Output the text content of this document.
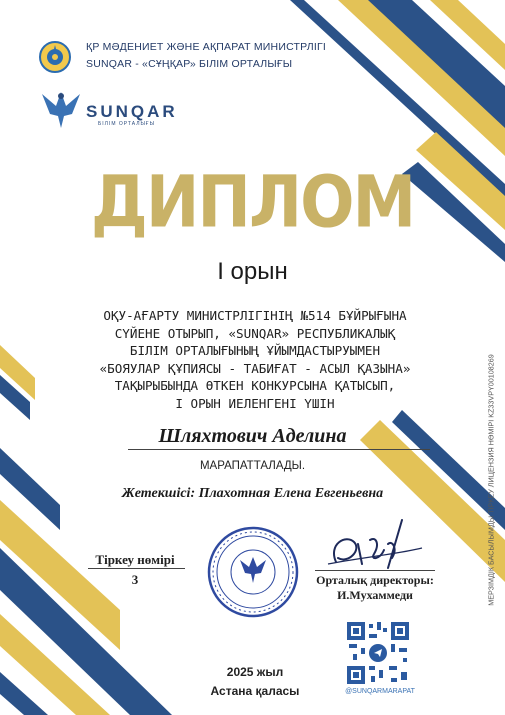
ҚР МӘДЕНИЕТ ЖӘНЕ АҚПАРАТ МИНИСТРЛІГІ
SUNQAR - «СҰҢҚАР» БІЛІМ ОРТАЛЫҒЫ
SUNQAR
БІЛІМ ОРТАЛЫҒЫ
ДИПЛОМ
I орын
ОҚУ-АҒАРТУ МИНИСТРЛІГІНІҢ №514 БҰЙРЫҒЫНА
СҮЙЕНЕ ОТЫРЫП, «SUNQAR» РЕСПУБЛИКАЛЫҚ
БІЛІМ ОРТАЛЫҒЫНЫҢ ҰЙЫМДАСТЫРУЫМЕН
«БОЯУЛАР ҚҰПИЯСЫ - ТАБИҒАТ - АСЫЛ ҚАЗЫНА»
ТАҚЫРЫБЫНДА ӨТКЕН КОНКУРСЫНА ҚАТЫСЫП,
I ОРЫН ИЕЛЕНГЕНІ ҮШІН
Шляхтович Аделина
МАРАПАТТАЛАДЫ.
Жетекшісі: Плахотная Елена Евгеньевна
Тіркеу нөмірі
3	Орталық директоры:
И.Мухаммеди
@SUNQARMARAPAT
2025 жыл
Астана қаласы
МЕРЗІМДІК БАСЫЛЫМДЫ ТІРКЕУ ЛИЦЕНЗИЯ НӨМІРІ KZ33VPY00108269
